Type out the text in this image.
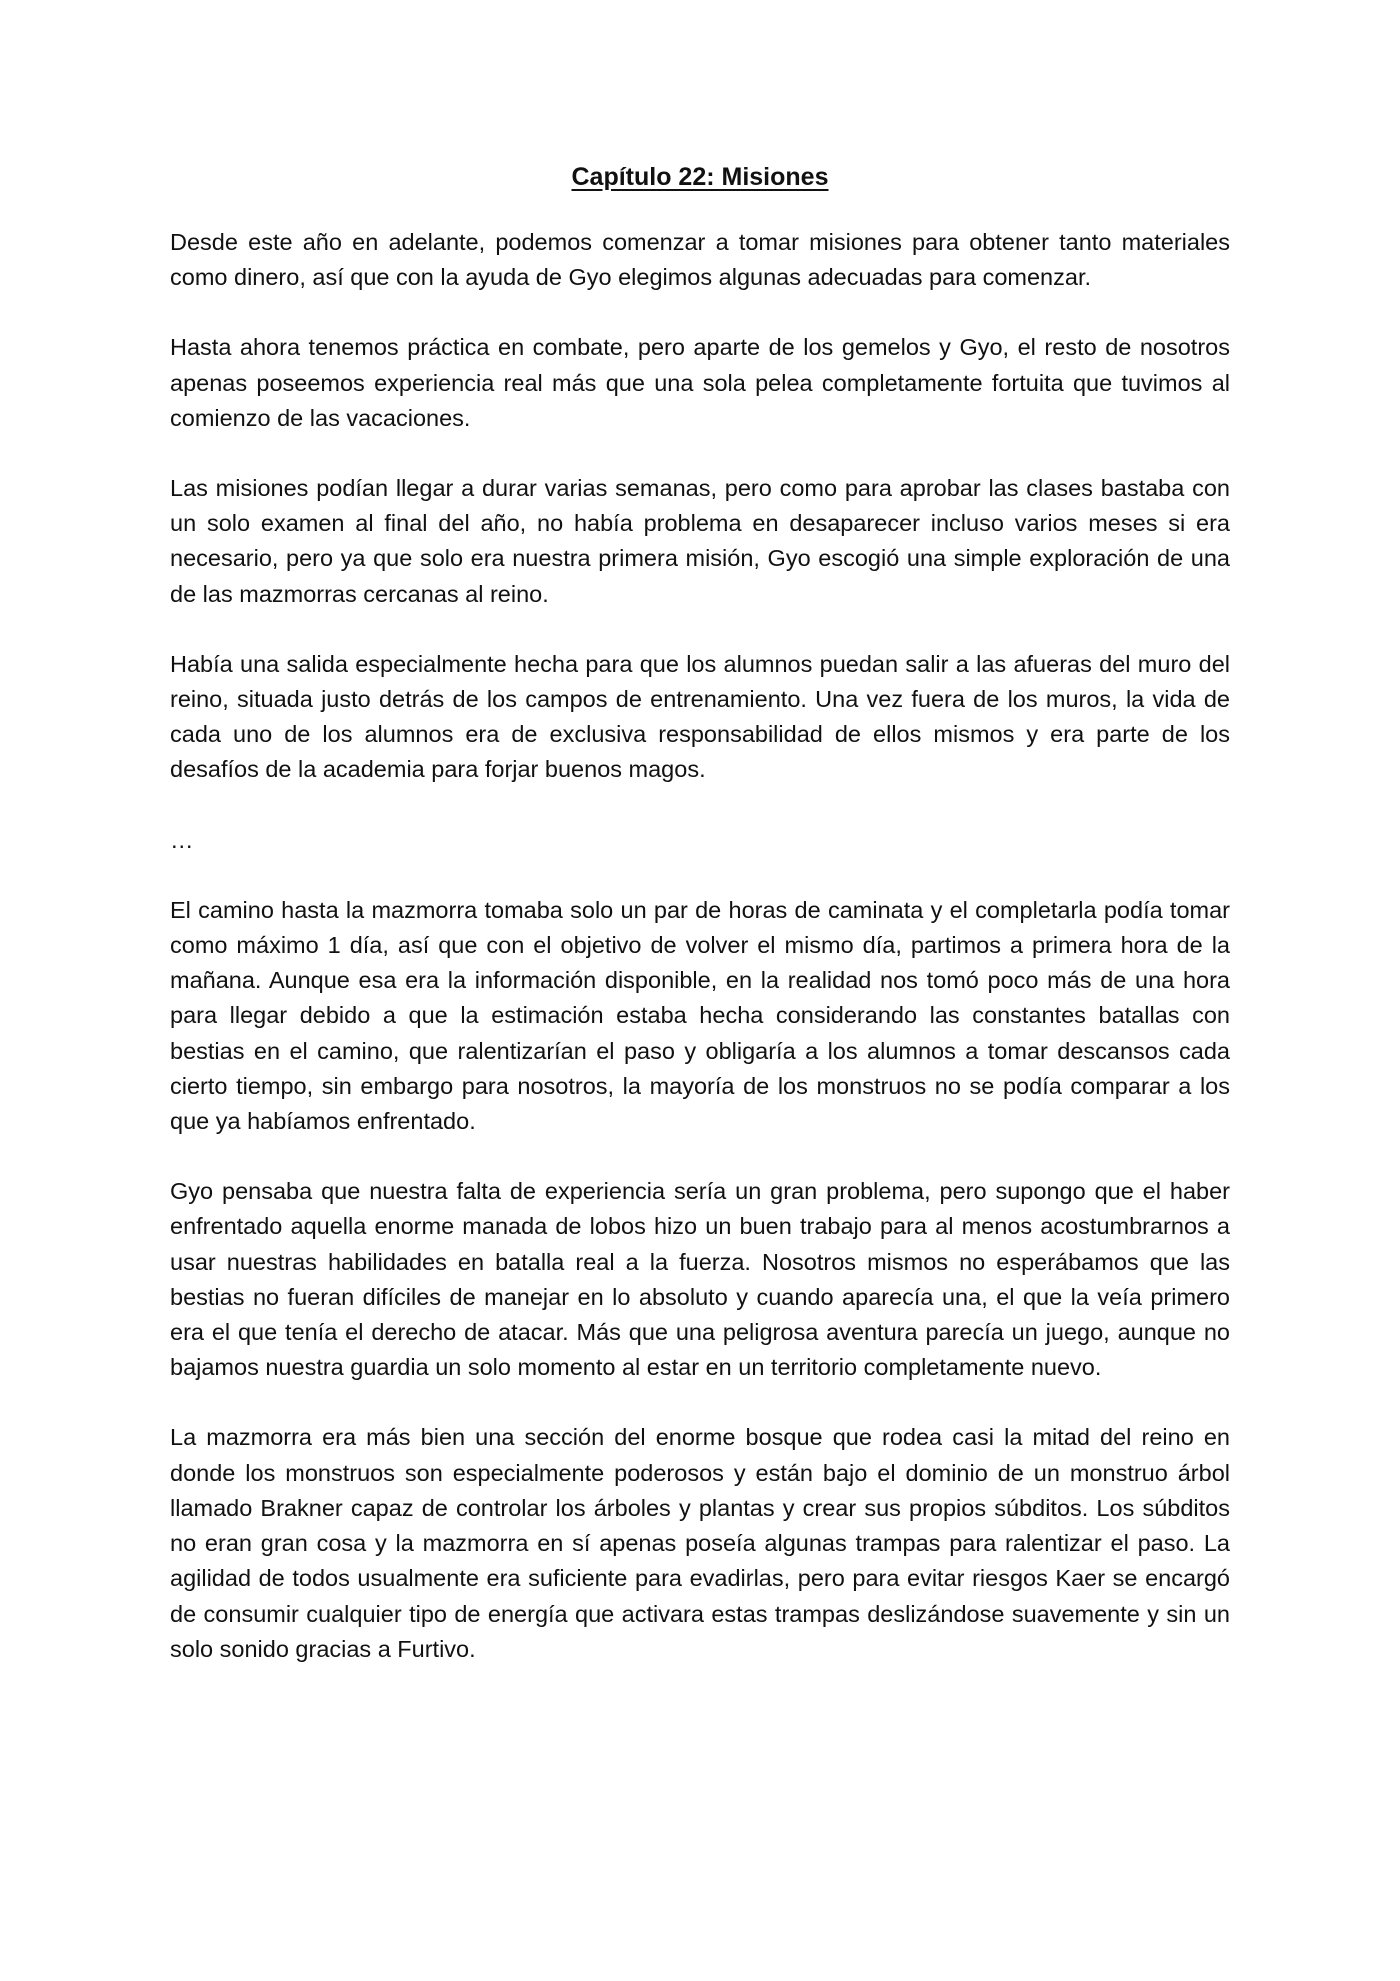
Capítulo 22: Misiones

Desde este año en adelante, podemos comenzar a tomar misiones para obtener tanto materiales como dinero, así que con la ayuda de Gyo elegimos algunas adecuadas para comenzar.

Hasta ahora tenemos práctica en combate, pero aparte de los gemelos y Gyo, el resto de nosotros apenas poseemos experiencia real más que una sola pelea completamente fortuita que tuvimos al comienzo de las vacaciones.

Las misiones podían llegar a durar varias semanas, pero como para aprobar las clases bastaba con un solo examen al final del año, no había problema en desaparecer incluso varios meses si era necesario, pero ya que solo era nuestra primera misión, Gyo escogió una simple exploración de una de las mazmorras cercanas al reino.

Había una salida especialmente hecha para que los alumnos puedan salir a las afueras del muro del reino, situada justo detrás de los campos de entrenamiento. Una vez fuera de los muros, la vida de cada uno de los alumnos era de exclusiva responsabilidad de ellos mismos y era parte de los desafíos de la academia para forjar buenos magos.

…

El camino hasta la mazmorra tomaba solo un par de horas de caminata y el completarla podía tomar como máximo 1 día, así que con el objetivo de volver el mismo día, partimos a primera hora de la mañana. Aunque esa era la información disponible, en la realidad nos tomó poco más de una hora para llegar debido a que la estimación estaba hecha considerando las constantes batallas con bestias en el camino, que ralentizarían el paso y obligaría a los alumnos a tomar descansos cada cierto tiempo, sin embargo para nosotros, la mayoría de los monstruos no se podía comparar a los que ya habíamos enfrentado.

Gyo pensaba que nuestra falta de experiencia sería un gran problema, pero supongo que el haber enfrentado aquella enorme manada de lobos hizo un buen trabajo para al menos acostumbrarnos a usar nuestras habilidades en batalla real a la fuerza. Nosotros mismos no esperábamos que las bestias no fueran difíciles de manejar en lo absoluto y cuando aparecía una, el que la veía primero era el que tenía el derecho de atacar. Más que una peligrosa aventura parecía un juego, aunque no bajamos nuestra guardia un solo momento al estar en un territorio completamente nuevo.

La mazmorra era más bien una sección del enorme bosque que rodea casi la mitad del reino en donde los monstruos son especialmente poderosos y están bajo el dominio de un monstruo árbol llamado Brakner capaz de controlar los árboles y plantas y crear sus propios súbditos. Los súbditos no eran gran cosa y la mazmorra en sí apenas poseía algunas trampas para ralentizar el paso. La agilidad de todos usualmente era suficiente para evadirlas, pero para evitar riesgos Kaer se encargó de consumir cualquier tipo de energía que activara estas trampas deslizándose suavemente y sin un solo sonido gracias a Furtivo.
